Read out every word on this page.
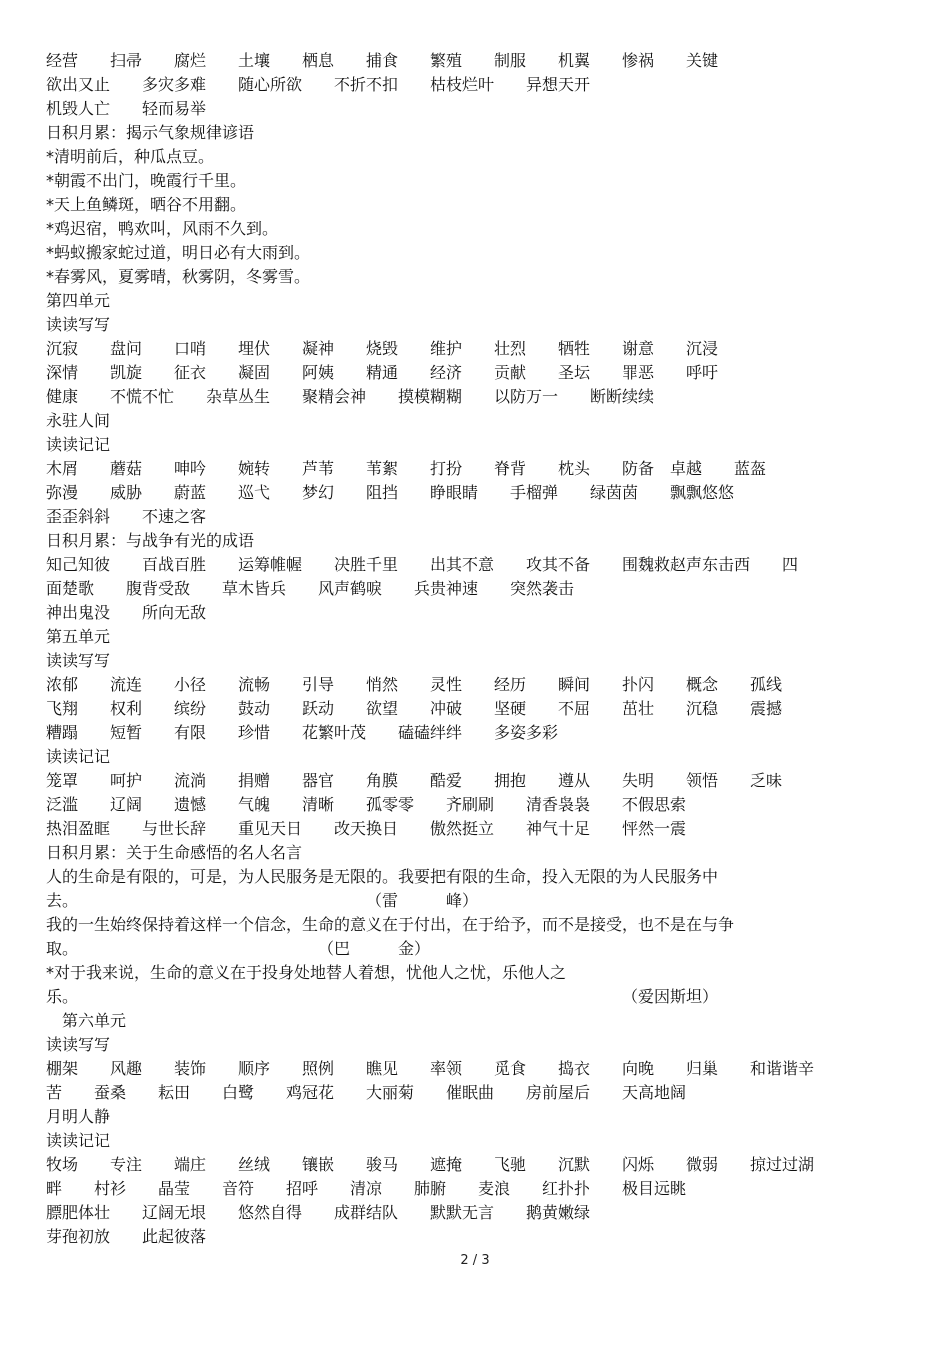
经营　　扫帚　　腐烂　　土壤　　栖息　　捕食　　繁殖　　制服　　机翼　　惨祸　　关键
欲出又止　　多灾多难　　随心所欲　　不折不扣　　枯枝烂叶　　异想天开
机毁人亡　　轻而易举
日积月累：揭示气象规律谚语
*清明前后，种瓜点豆。
*朝霞不出门，晚霞行千里。
*天上鱼鳞斑，晒谷不用翻。
*鸡迟宿，鸭欢叫，风雨不久到。
*蚂蚁搬家蛇过道，明日必有大雨到。
*春雾风，夏雾晴，秋雾阴，冬雾雪。
第四单元
读读写写
沉寂　　盘问　　口哨　　埋伏　　凝神　　烧毁　　维护　　壮烈　　牺牲　　谢意　　沉浸
深情　　凯旋　　征衣　　凝固　　阿姨　　精通　　经济　　贡献　　圣坛　　罪恶　　呼吁
健康　　不慌不忙　　杂草丛生　　聚精会神　　摸模糊糊　　以防万一　　断断续续
永驻人间
读读记记
木屑　　蘑菇　　呻吟　　婉转　　芦苇　　苇絮　　打扮　　脊背　　枕头　　防备　卓越　　蓝盔
弥漫　　威胁　　蔚蓝　　巡弋　　梦幻　　阻挡　　睁眼睛　　手榴弹　　绿茵茵　　飘飘悠悠
歪歪斜斜　　不速之客
日积月累：与战争有光的成语
知己知彼　　百战百胜　　运筹帷幄　　决胜千里　　出其不意　　攻其不备　　围魏救赵声东击西　　四
面楚歌　　腹背受敌　　草木皆兵　　风声鹤唳　　兵贵神速　　突然袭击
神出鬼没　　所向无敌
第五单元
读读写写
浓郁　　流连　　小径　　流畅　　引导　　悄然　　灵性　　经历　　瞬间　　扑闪　　概念　　孤线
飞翔　　权利　　缤纷　　鼓动　　跃动　　欲望　　冲破　　坚硬　　不屈　　茁壮　　沉稳　　震撼
糟蹋　　短暂　　有限　　珍惜　　花繁叶茂　　磕磕绊绊　　多姿多彩
读读记记
笼罩　　呵护　　流淌　　捐赠　　器官　　角膜　　酷爱　　拥抱　　遵从　　失明　　领悟　　乏味
泛滥　　辽阔　　遗憾　　气魄　　清晰　　孤零零　　齐刷刷　　清香袅袅　　不假思索
热泪盈眶　　与世长辞　　重见天日　　改天换日　　傲然挺立　　神气十足　　怦然一震
日积月累：关于生命感悟的名人名言
人的生命是有限的，可是，为人民服务是无限的。我要把有限的生命，投入无限的为人民服务中
去。　　　　　　　　　　　　　　　　　　　（雷　　　峰）
我的一生始终保持着这样一个信念，生命的意义在于付出，在于给予，而不是接受，也不是在与争
取。　　　　　　　　　　　　　　　　（巴　　　金）
*对于我来说，生命的意义在于投身处地替人着想，忧他人之忧，乐他人之
乐。　　　　　　　　　　　　　　　　　　　　　　　　　　　　　　　　　　　（爱因斯坦）
　第六单元
读读写写
棚架　　风趣　　装饰　　顺序　　照例　　瞧见　　率领　　觅食　　捣衣　　向晚　　归巢　　和谐谐辛
苦　　蚕桑　　耘田　　白鹭　　鸡冠花　　大丽菊　　催眠曲　　房前屋后　　天高地阔
月明人静
读读记记
牧场　　专注　　端庄　　丝绒　　镶嵌　　骏马　　遮掩　　飞驰　　沉默　　闪烁　　微弱　　掠过过湖
畔　　村衫　　晶莹　　音符　　招呼　　清凉　　肺腑　　麦浪　　红扑扑　　极目远眺
膘肥体壮　　辽阔无垠　　悠然自得　　成群结队　　默默无言　　鹅黄嫩绿
芽孢初放　　此起彼落
2 / 3
